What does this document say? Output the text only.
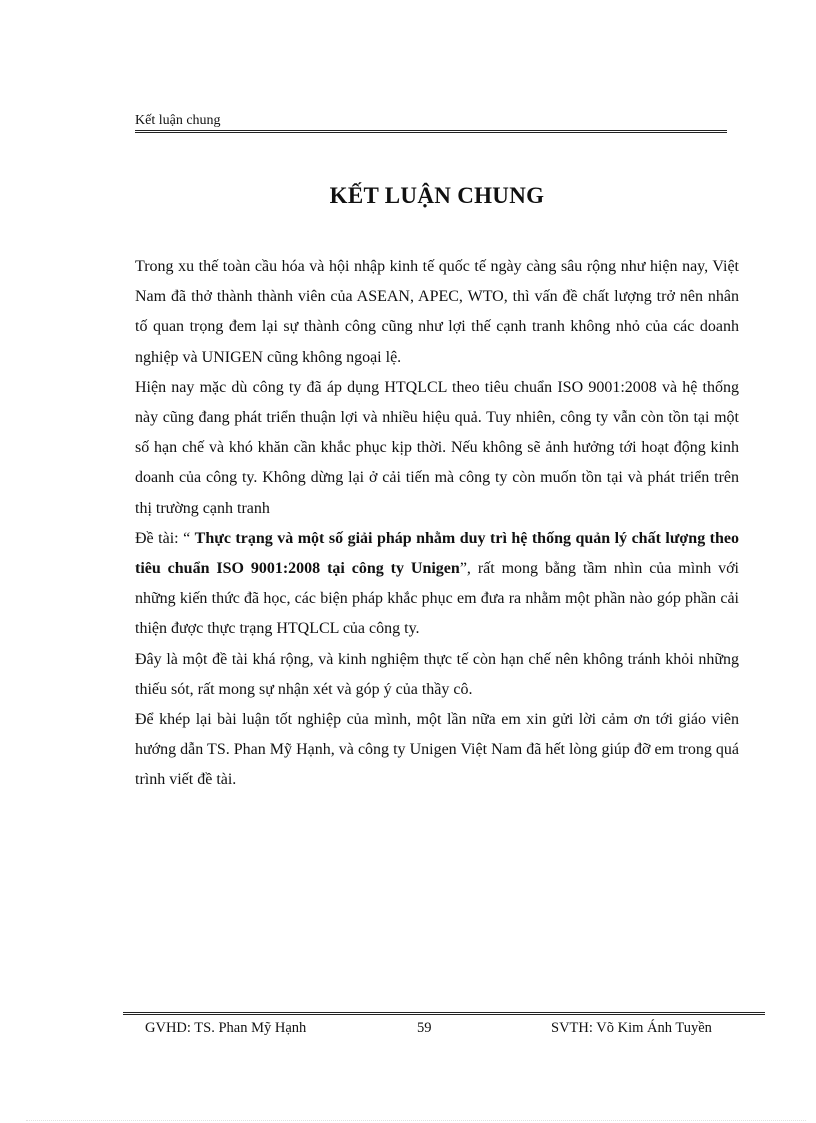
Kết luận chung
KẾT LUẬN CHUNG

Trong xu thế toàn cầu hóa và hội nhập kinh tế quốc tế ngày càng sâu rộng như hiện nay, Việt Nam đã thở thành thành viên của ASEAN, APEC, WTO, thì vấn đề chất lượng trở nên nhân tố quan trọng đem lại sự thành công cũng như lợi thế cạnh tranh không nhỏ của các doanh nghiệp và UNIGEN cũng không ngoại lệ.

Hiện nay mặc dù công ty đã áp dụng HTQLCL theo tiêu chuẩn ISO 9001:2008 và hệ thống này cũng đang phát triển thuận lợi và nhiều hiệu quả. Tuy nhiên, công ty vẫn còn tồn tại một số hạn chế và khó khăn cần khắc phục kịp thời. Nếu không sẽ ảnh hưởng tới hoạt động kinh doanh của công ty. Không dừng lại ở cải tiến mà công ty còn muốn tồn tại và phát triển trên thị trường cạnh tranh

Đề tài: “ Thực trạng và một số giải pháp nhằm duy trì hệ thống quản lý chất lượng theo tiêu chuẩn ISO 9001:2008 tại công ty Unigen”, rất mong bằng tầm nhìn của mình với những kiến thức đã học, các biện pháp khắc phục em đưa ra nhằm một phần nào góp phần cải thiện được thực trạng HTQLCL của công ty.

Đây là một đề tài khá rộng, và kinh nghiệm thực tế còn hạn chế nên không tránh khỏi những thiếu sót, rất mong sự nhận xét và góp ý của thầy cô.

Để khép lại bài luận tốt nghiệp của mình, một lần nữa em xin gửi lời cảm ơn tới giáo viên hướng dẫn TS. Phan Mỹ Hạnh, và công ty Unigen Việt Nam đã hết lòng giúp đỡ em trong quá trình viết đề tài.

GVHD: TS. Phan Mỹ Hạnh	59	SVTH: Võ Kim Ánh Tuyền
